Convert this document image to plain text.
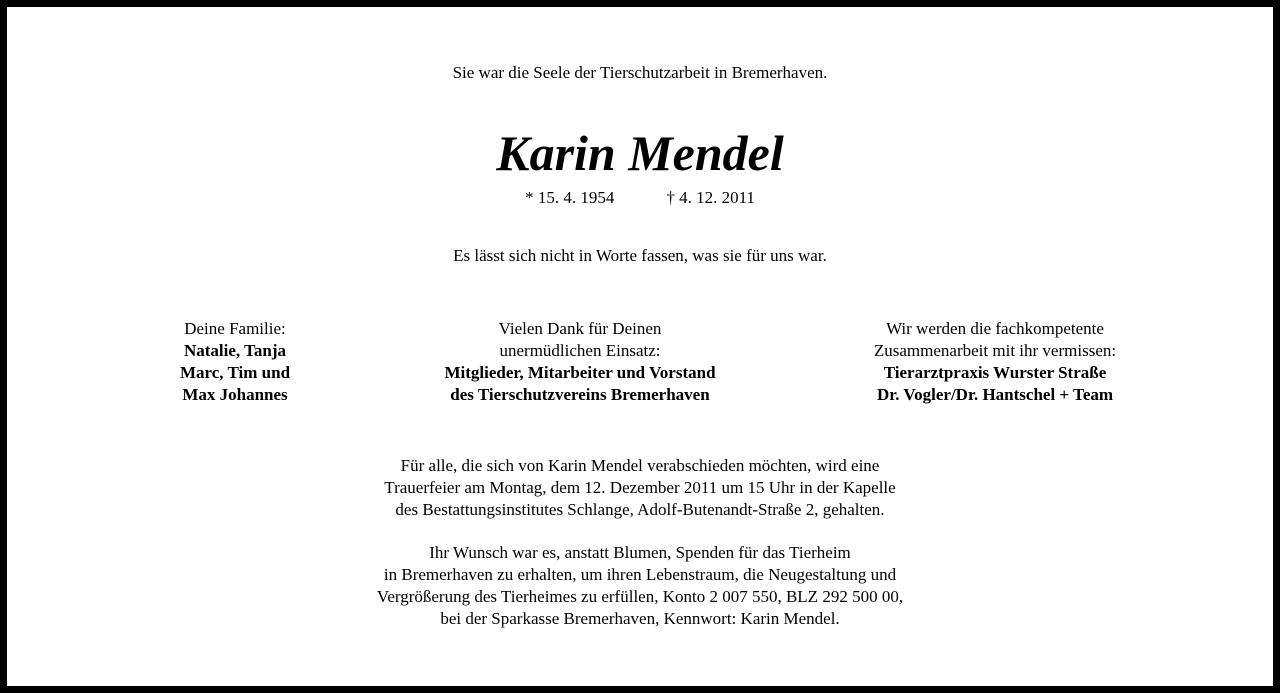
Sie war die Seele der Tierschutzarbeit in Bremerhaven.
Karin Mendel
* 15. 4. 1954	† 4. 12. 2011
Es lässt sich nicht in Worte fassen, was sie für uns war.
Deine Familie:
Natalie, Tanja
Marc, Tim und
Max Johannes
Vielen Dank für Deinen
unermüdlichen Einsatz:
Mitglieder, Mitarbeiter und Vorstand
des Tierschutzvereins Bremerhaven
Wir werden die fachkompetente
Zusammenarbeit mit ihr vermissen:
Tierarztpraxis Wurster Straße
Dr. Vogler/Dr. Hantschel + Team
Für alle, die sich von Karin Mendel verabschieden möchten, wird eine
Trauerfeier am Montag, dem 12. Dezember 2011 um 15 Uhr in der Kapelle
des Bestattungsinstitutes Schlange, Adolf-Butenandt-Straße 2, gehalten.
Ihr Wunsch war es, anstatt Blumen, Spenden für das Tierheim
in Bremerhaven zu erhalten, um ihren Lebenstraum, die Neugestaltung und
Vergrößerung des Tierheimes zu erfüllen, Konto 2 007 550, BLZ 292 500 00,
bei der Sparkasse Bremerhaven, Kennwort: Karin Mendel.
